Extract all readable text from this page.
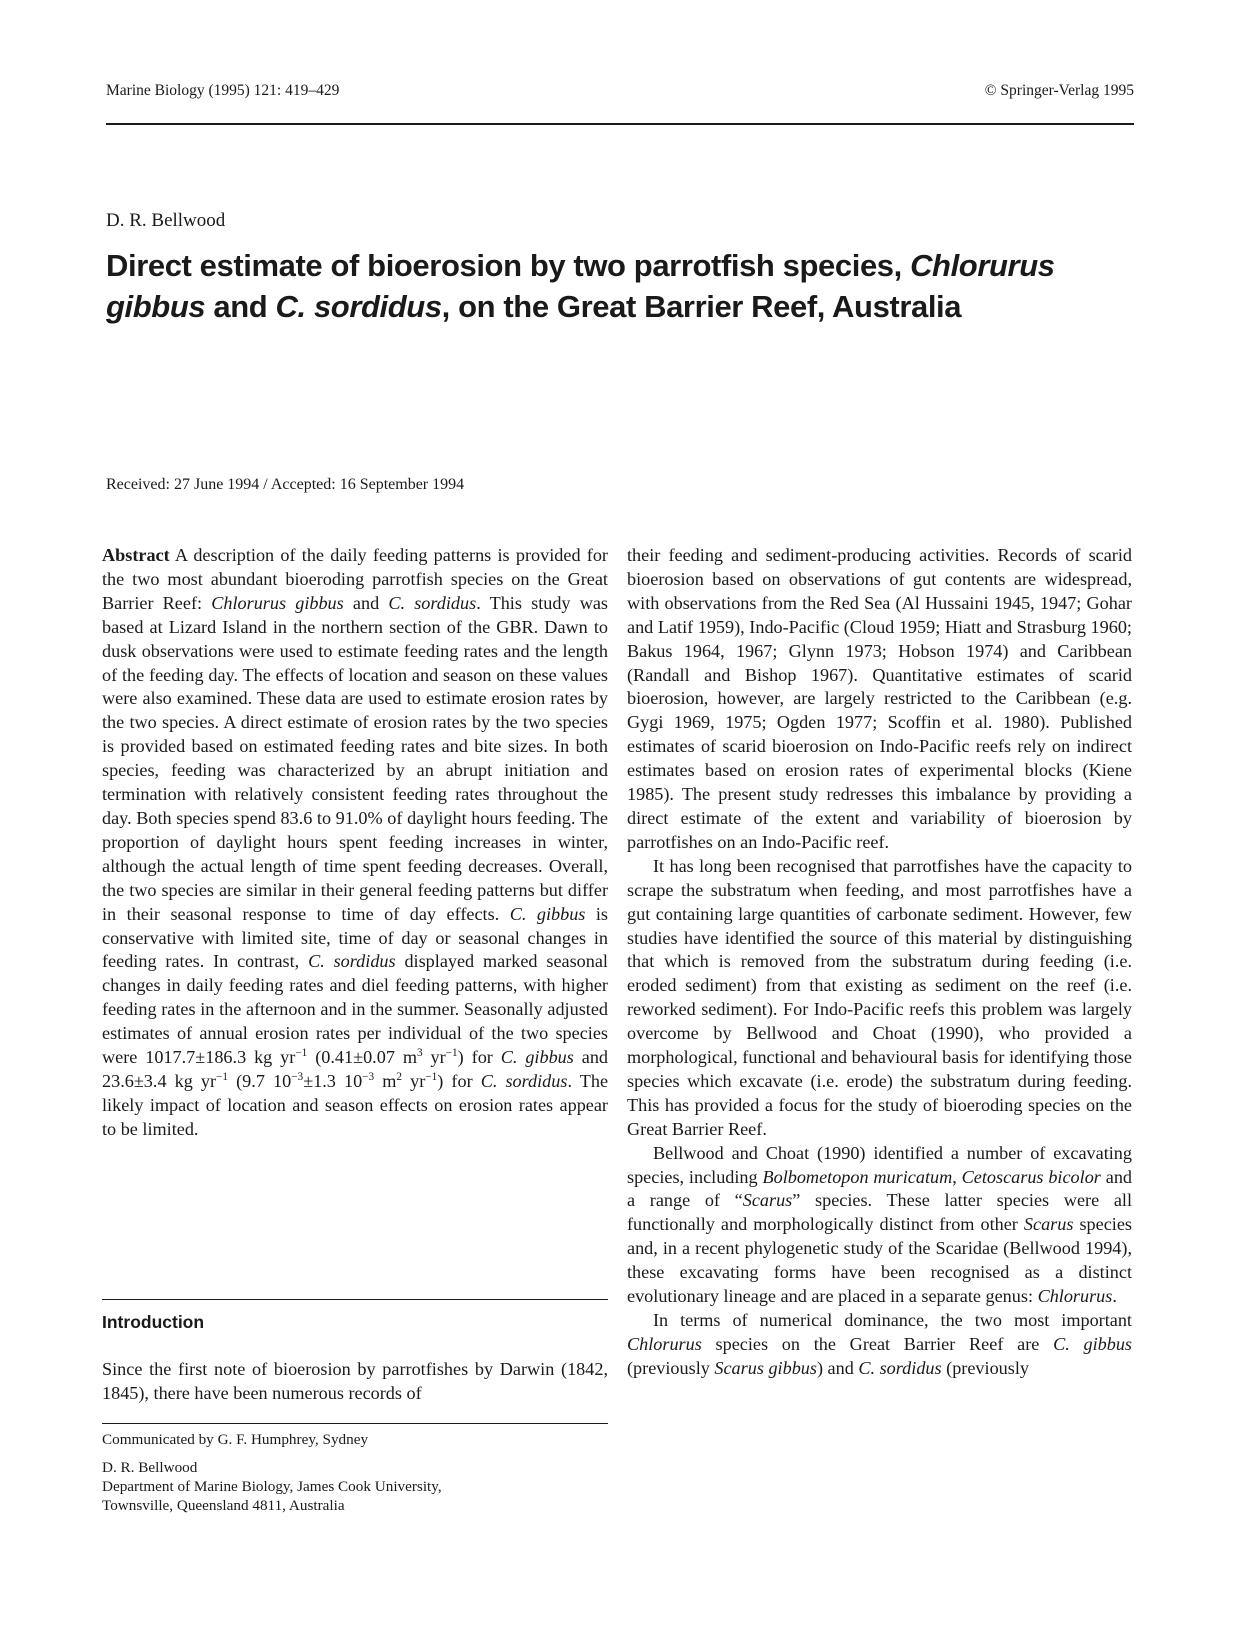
Marine Biology (1995) 121: 419–429	© Springer-Verlag 1995
D. R. Bellwood
Direct estimate of bioerosion by two parrotfish species, Chlorurus gibbus and C. sordidus, on the Great Barrier Reef, Australia
Received: 27 June 1994 / Accepted: 16 September 1994

Abstract A description of the daily feeding patterns is provided for the two most abundant bioeroding parrotfish species on the Great Barrier Reef: Chlorurus gibbus and C. sordidus. This study was based at Lizard Island in the northern section of the GBR. Dawn to dusk observations were used to estimate feeding rates and the length of the feeding day. The effects of location and season on these values were also examined. These data are used to estimate erosion rates by the two species. A direct estimate of erosion rates by the two species is provided based on estimated feeding rates and bite sizes. In both species, feeding was characterized by an abrupt initiation and termination with relatively consistent feeding rates throughout the day. Both species spend 83.6 to 91.0% of daylight hours feeding. The proportion of daylight hours spent feeding increases in winter, although the actual length of time spent feeding decreases. Overall, the two species are similar in their general feeding patterns but differ in their seasonal response to time of day effects. C. gibbus is conservative with limited site, time of day or seasonal changes in feeding rates. In contrast, C. sordidus displayed marked seasonal changes in daily feeding rates and diel feeding patterns, with higher feeding rates in the afternoon and in the summer. Seasonally adjusted estimates of annual erosion rates per individual of the two species were 1017.7±186.3 kg $yr^{-1}$ (0.41±0.07 $m^3$ $yr^{-1}$) for C. gibbus and 23.6±3.4 kg $yr^{-1}$ (9.7 $10^{-3}\pm 1.3$ $10^{-3}$ $m^2$ $yr^{-1}$) for C. sordidus. The likely impact of location and season effects on erosion rates appear to be limited.

Introduction
Since the first note of bioerosion by parrotfishes by Darwin (1842, 1845), there have been numerous records of
Communicated by G. F. Humphrey, Sydney
D. R. Bellwood
Department of Marine Biology, James Cook University,
Townsville, Queensland 4811, Australia

their feeding and sediment-producing activities. Records of scarid bioerosion based on observations of gut contents are widespread, with observations from the Red Sea (Al Hussaini 1945, 1947; Gohar and Latif 1959), Indo-Pacific (Cloud 1959; Hiatt and Strasburg 1960; Bakus 1964, 1967; Glynn 1973; Hobson 1974) and Caribbean (Randall and Bishop 1967). Quantitative estimates of scarid bioerosion, however, are largely restricted to the Caribbean (e.g. Gygi 1969, 1975; Ogden 1977; Scoffin et al. 1980). Published estimates of scarid bioerosion on Indo-Pacific reefs rely on indirect estimates based on erosion rates of experimental blocks (Kiene 1985). The present study redresses this imbalance by providing a direct estimate of the extent and variability of bioerosion by parrotfishes on an Indo-Pacific reef.

It has long been recognised that parrotfishes have the capacity to scrape the substratum when feeding, and most parrotfishes have a gut containing large quantities of carbonate sediment. However, few studies have identified the source of this material by distinguishing that which is removed from the substratum during feeding (i.e. eroded sediment) from that existing as sediment on the reef (i.e. reworked sediment). For Indo-Pacific reefs this problem was largely overcome by Bellwood and Choat (1990), who provided a morphological, functional and behavioural basis for identifying those species which excavate (i.e. erode) the substratum during feeding. This has provided a focus for the study of bioeroding species on the Great Barrier Reef.

Bellwood and Choat (1990) identified a number of excavating species, including Bolbometopon muricatum, Cetoscarus bicolor and a range of “Scarus” species. These latter species were all functionally and morphologically distinct from other Scarus species and, in a recent phylogenetic study of the Scaridae (Bellwood 1994), these excavating forms have been recognised as a distinct evolutionary lineage and are placed in a separate genus: Chlorurus.

In terms of numerical dominance, the two most important Chlorurus species on the Great Barrier Reef are C. gibbus (previously Scarus gibbus) and C. sordidus (previously
